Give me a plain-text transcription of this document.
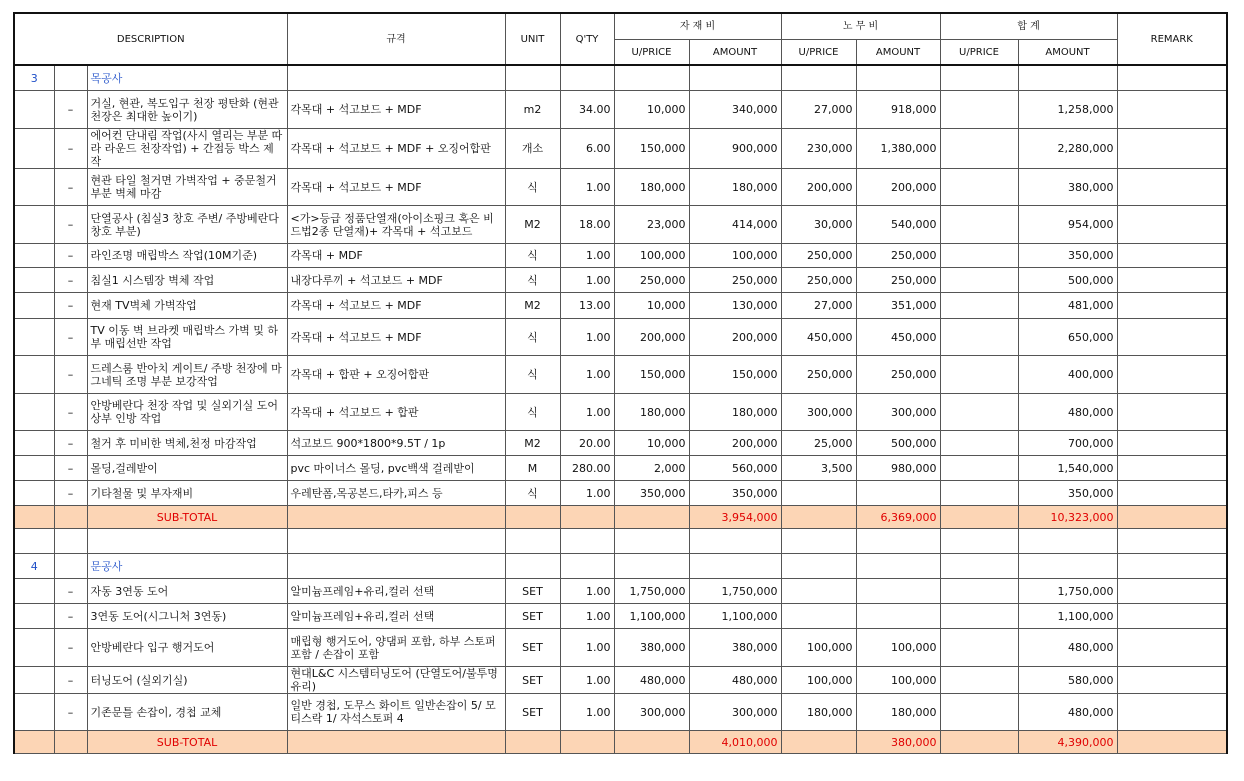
DESCRIPTION			규격	UNIT	Q'TY	자 재 비		노 무 비		합 계		REMARK
						U/PRICE	AMOUNT	U/PRICE	AMOUNT	U/PRICE	AMOUNT	
3		목공사										
	–	거실, 현관, 복도입구 천장 평탄화 (현관천장은 최대한 높이기)	각목대 + 석고보드 + MDF	m2	34.00	10,000	340,000	27,000	918,000		1,258,000	
	–	에어컨 단내림 작업(사시 열리는 부분 따라 라운드 천장작업) + 간접등 박스 제작	각목대 + 석고보드 + MDF + 오징어합판	개소	6.00	150,000	900,000	230,000	1,380,000		2,280,000	
	–	현관 타일 철거면 가벽작업 + 중문철거 부분 벽체 마감	각목대 + 석고보드 + MDF	식	1.00	180,000	180,000	200,000	200,000		380,000	
	–	단열공사 (침실3 창호 주변/ 주방베란다 창호 부분)	<가>등급 정품단열재(아이소핑크 혹은 비드법2종 단열재)+ 각목대 + 석고보드	M2	18.00	23,000	414,000	30,000	540,000		954,000	
	–	라인조명 매립박스 작업(10M기준)	각목대 + MDF	식	1.00	100,000	100,000	250,000	250,000		350,000	
	–	침실1 시스템장 벽체 작업	내장다루끼 + 석고보드 + MDF	식	1.00	250,000	250,000	250,000	250,000		500,000	
	–	현재 TV벽체 가벽작업	각목대 + 석고보드 + MDF	M2	13.00	10,000	130,000	27,000	351,000		481,000	
	–	TV 이동 벽 브라켓 매립박스 가벽 및 하부 매립선반 작업	각목대 + 석고보드 + MDF	식	1.00	200,000	200,000	450,000	450,000		650,000	
	–	드레스룸 반아치 게이트/ 주방 천장에 마그네틱 조명 부분 보강작업	각목대 + 합판 + 오징어합판	식	1.00	150,000	150,000	250,000	250,000		400,000	
	–	안방베란다 천장 작업 및 실외기실 도어 상부 인방 작업	각목대 + 석고보드 + 합판	식	1.00	180,000	180,000	300,000	300,000		480,000	
	–	철거 후 미비한 벽체,천정 마감작업	석고보드 900*1800*9.5T / 1p	M2	20.00	10,000	200,000	25,000	500,000		700,000	
	–	몰딩,걸레받이	pvc 마이너스 몰딩, pvc백색 걸레받이	M	280.00	2,000	560,000	3,500	980,000		1,540,000	
	–	기타철물 및 부자재비	우레탄폼,목공본드,타카,피스 등	식	1.00	350,000	350,000				350,000	
		SUB-TOTAL					3,954,000		6,369,000		10,323,000	

4		문공사										
	–	자동 3연동 도어	알미늄프레임+유리,컬러 선택	SET	1.00	1,750,000	1,750,000				1,750,000	
	–	3연동 도어(시그니처 3연동)	알미늄프레임+유리,컬러 선택	SET	1.00	1,100,000	1,100,000				1,100,000	
	–	안방베란다 입구 행거도어	매립형 행거도어, 양댐퍼 포함, 하부 스토퍼 포함 / 손잡이 포함	SET	1.00	380,000	380,000	100,000	100,000		480,000	
	–	터닝도어 (실외기실)	현대L&C 시스템터닝도어 (단열도어/불투명유리)	SET	1.00	480,000	480,000	100,000	100,000		580,000	
	–	기존문틀 손잡이, 경첩 교체	일반 경첩, 도무스 화이트 일반손잡이 5/ 모티스락 1/ 자석스토퍼 4	SET	1.00	300,000	300,000	180,000	180,000		480,000	
		SUB-TOTAL					4,010,000		380,000		4,390,000	
